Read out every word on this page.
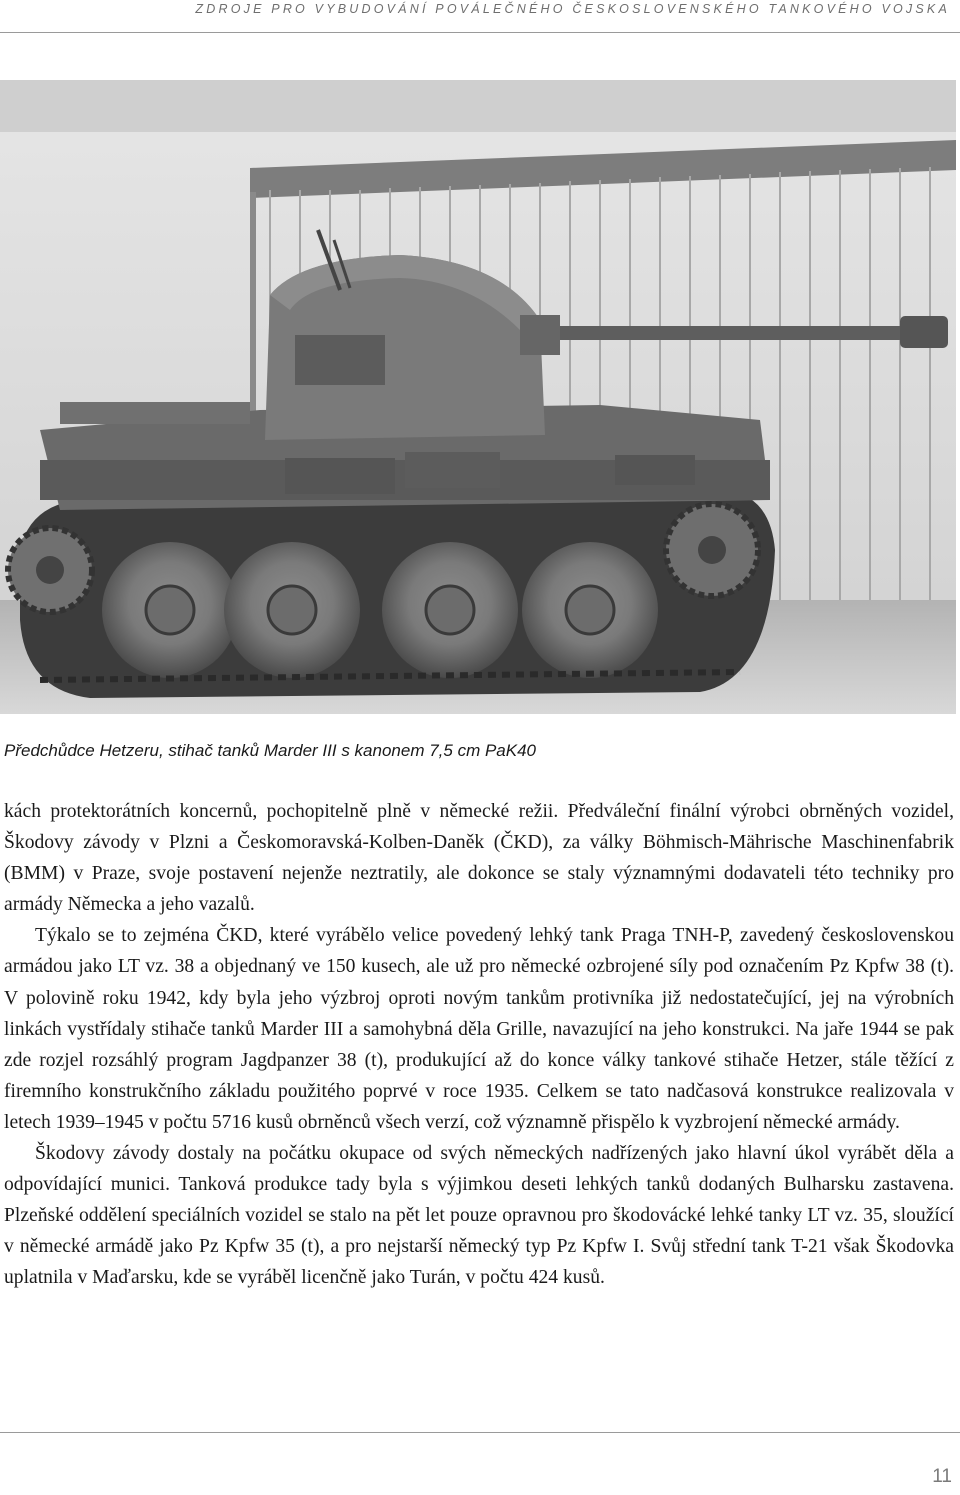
ZDROJE PRO VYBUDOVÁNÍ POVÁLEČNÉHO ČESKOSLOVENSKÉHO TANKOVÉHO VOJSKA
Předchůdce Hetzeru, stihač tanků Marder III s kanonem 7,5 cm PaK40

kách protektorátních koncernů, pochopitelně plně v německé režii. Předváleční finální výrobci obrněných vozidel, Škodovy závody v Plzni a Českomoravská-Kolben-Daněk (ČKD), za války Böhmisch-Mährische Maschinenfabrik (BMM) v Praze, svoje postavení nejenže neztratily, ale dokonce se staly významnými dodavateli této techniky pro armády Německa a jeho vazalů.

Týkalo se to zejména ČKD, které vyrábělo velice povedený lehký tank Praga TNH-P, zavedený československou armádou jako LT vz. 38 a objednaný ve 150 kusech, ale už pro německé ozbrojené síly pod označením Pz Kpfw 38 (t). V polovině roku 1942, kdy byla jeho výzbroj oproti novým tankům protivníka již nedostatečující, jej na výrobních linkách vystřídaly stihače tanků Marder III a samohybná děla Grille, navazující na jeho konstrukci. Na jaře 1944 se pak zde rozjel rozsáhlý program Jagdpanzer 38 (t), produkující až do konce války tankové stihače Hetzer, stále těžící z firemního konstrukčního základu použitého poprvé v roce 1935. Celkem se tato nadčasová konstrukce realizovala v letech 1939–1945 v počtu 5716 kusů obrněnců všech verzí, což významně přispělo k vyzbrojení německé armády.

Škodovy závody dostaly na počátku okupace od svých německých nadřízených jako hlavní úkol vyrábět děla a odpovídající munici. Tanková produkce tady byla s výjimkou deseti lehkých tanků dodaných Bulharsku zastavena. Plzeňské oddělení speciálních vozidel se stalo na pět let pouze opravnou pro škodovácké lehké tanky LT vz. 35, sloužící v německé armádě jako Pz Kpfw 35 (t), a pro nejstarší německý typ Pz Kpfw I. Svůj střední tank T-21 však Škodovka uplatnila v Maďarsku, kde se vyráběl licenčně jako Turán, v počtu 424 kusů.

11
